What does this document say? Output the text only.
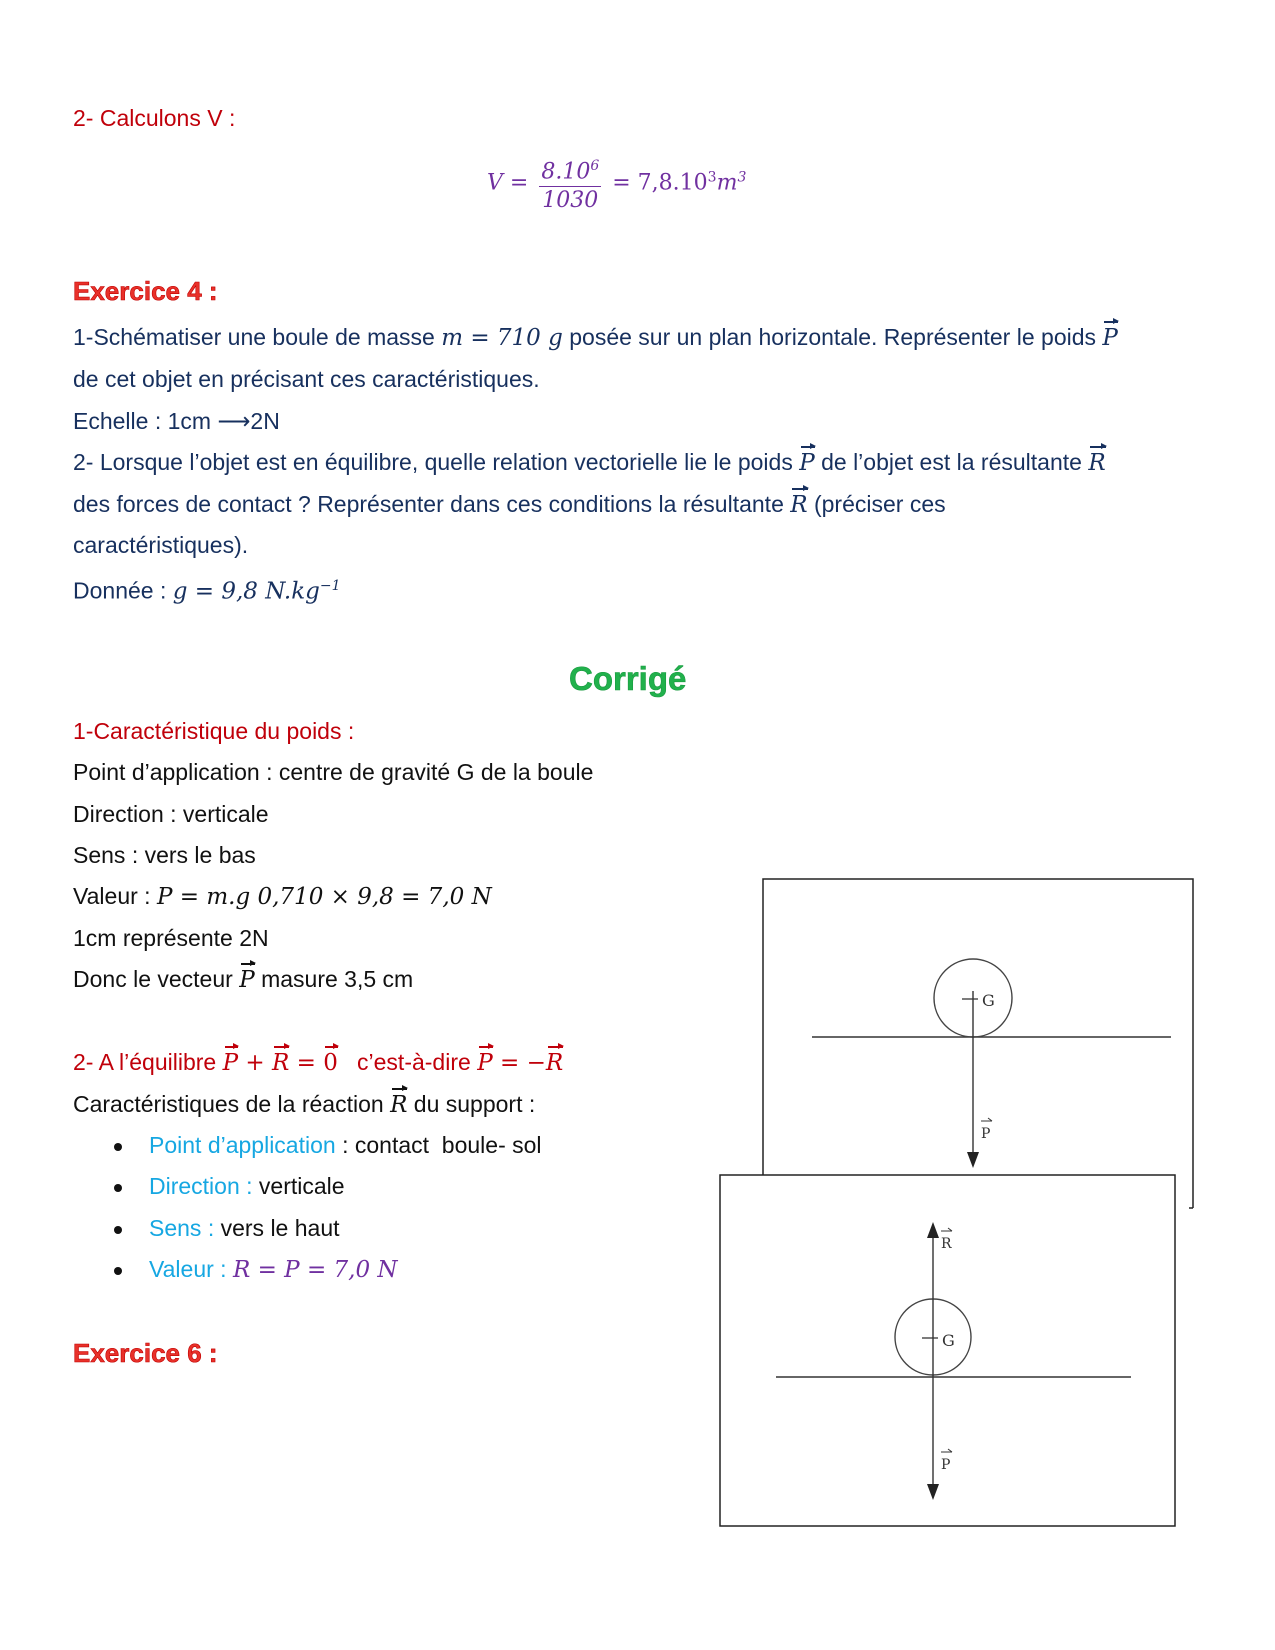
2- Calculons V :
$V = \frac{8.10^6}{1030} = 7,8.10^3m^3$
Exercice 4 :
1-Schématiser une boule de masse m = 710 g posée sur un plan horizontale. Représenter le poids P
de cet objet en précisant ces caractéristiques.
Echelle : 1cm ⟶2N
2- Lorsque l’objet est en équilibre, quelle relation vectorielle lie le poids P de l’objet est la résultante R
des forces de contact ? Représenter dans ces conditions la résultante R (préciser ces
caractéristiques).
Donnée : g = 9,8 $N.kg^{-1}$
Corrigé
1-Caractéristique du poids :
Point d’application : centre de gravité G de la boule
Direction : verticale
Sens : vers le bas
Valeur : P = m.g 0,710 × 9,8 = 7,0 N
1cm représente 2N
Donc le vecteur P masure 3,5 cm
2- A l’équilibre P + R = 0   c’est-à-dire P = −R
Caractéristiques de la réaction R du support :
Point d’application : contact  boule- sol
Direction : verticale
Sens : vers le haut
Valeur : R = P = 7,0 N
Exercice 6 :
G
P
G
R
P
